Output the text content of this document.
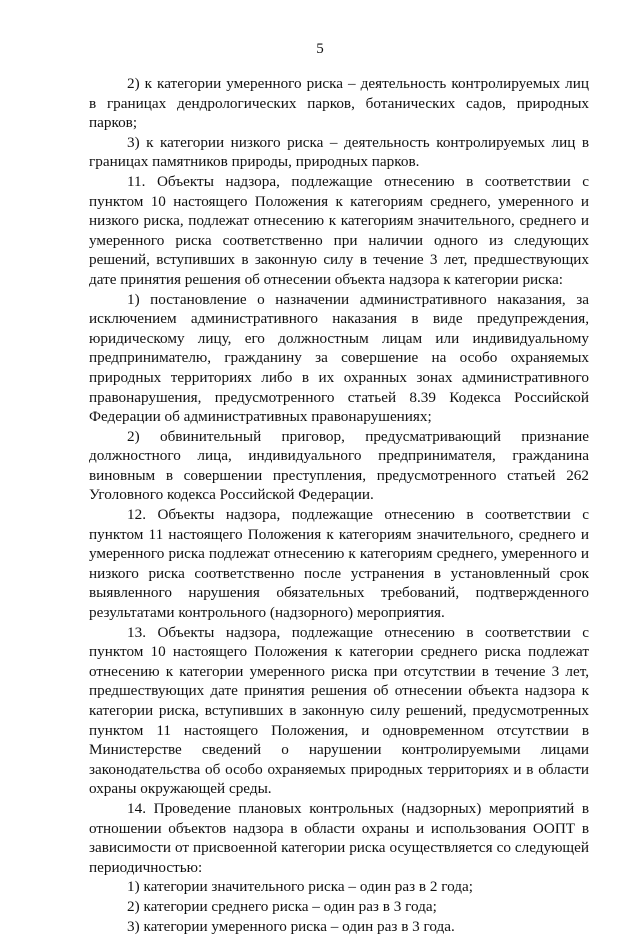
5

2) к категории умеренного риска – деятельность контролируемых лиц в границах дендрологических парков, ботанических садов, природных парков;

3) к категории низкого риска – деятельность контролируемых лиц в границах памятников природы, природных парков.

11. Объекты надзора, подлежащие отнесению в соответствии с пунктом 10 настоящего Положения к категориям среднего, умеренного и низкого риска, подлежат отнесению к категориям значительного, среднего и умеренного риска соответственно при наличии одного из следующих решений, вступивших в законную силу в течение 3 лет, предшествующих дате принятия решения об отнесении объекта надзора к категории риска:

1) постановление о назначении административного наказания, за исключением административного наказания в виде предупреждения, юридическому лицу, его должностным лицам или индивидуальному предпринимателю, гражданину за совершение на особо охраняемых природных территориях либо в их охранных зонах административного правонарушения, предусмотренного статьей 8.39 Кодекса Российской Федерации об административных правонарушениях;

2) обвинительный приговор, предусматривающий признание должностного лица, индивидуального предпринимателя, гражданина виновным в совершении преступления, предусмотренного статьей 262 Уголовного кодекса Российской Федерации.

12. Объекты надзора, подлежащие отнесению в соответствии с пунктом 11 настоящего Положения к категориям значительного, среднего и умеренного риска подлежат отнесению к категориям среднего, умеренного и низкого риска соответственно после устранения в установленный срок выявленного нарушения обязательных требований, подтвержденного результатами контрольного (надзорного) мероприятия.

13. Объекты надзора, подлежащие отнесению в соответствии с пунктом 10 настоящего Положения к категории среднего риска подлежат отнесению к категории умеренного риска при отсутствии в течение 3 лет, предшествующих дате принятия решения об отнесении объекта надзора к категории риска, вступивших в законную силу решений, предусмотренных пунктом 11 настоящего Положения, и одновременном отсутствии в Министерстве сведений о нарушении контролируемыми лицами законодательства об особо охраняемых природных территориях и в области охраны окружающей среды.

14. Проведение плановых контрольных (надзорных) мероприятий в отношении объектов надзора в области охраны и использования ООПТ в зависимости от присвоенной категории риска осуществляется со следующей периодичностью:

1) категории значительного риска – один раз в 2 года;

2) категории среднего риска – один раз в 3 года;

3) категории умеренного риска – один раз в 3 года.
